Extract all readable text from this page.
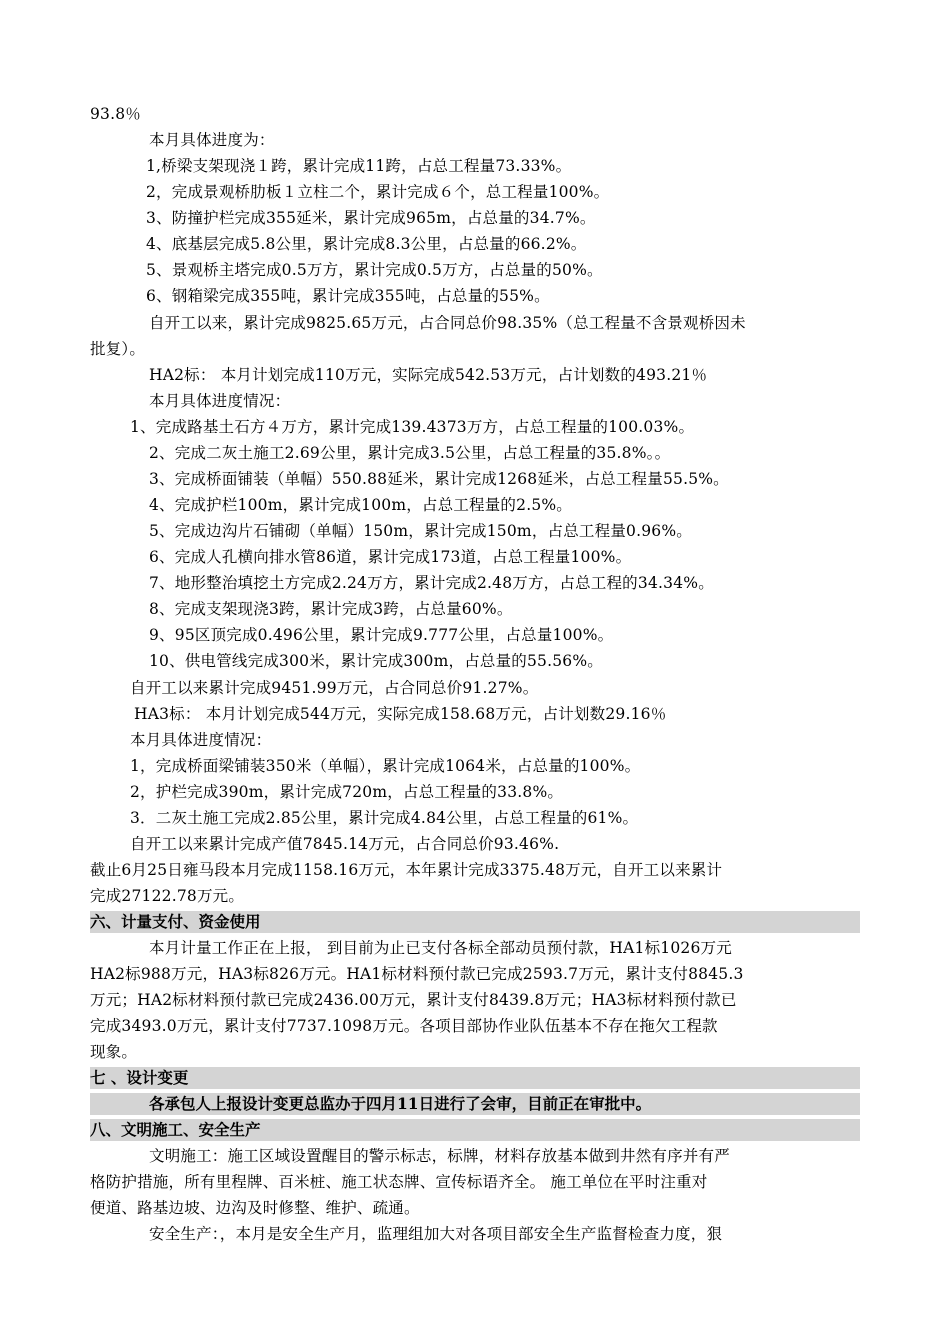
93.8％
本月具体进度为：
1,桥梁支架现浇１跨，累计完成11跨，占总工程量73.33%。
2，完成景观桥肋板１立柱二个，累计完成６个，总工程量100%。
3、防撞护栏完成355延米，累计完成965m，占总量的34.7%。
4、底基层完成5.8公里，累计完成8.3公里，占总量的66.2%。
5、景观桥主塔完成0.5万方，累计完成0.5万方，占总量的50%。
6、钢箱梁完成355吨，累计完成355吨，占总量的55%。
自开工以来，累计完成9825.65万元，占合同总价98.35%（总工程量不含景观桥因未
批复）。
HA2标： 本月计划完成110万元，实际完成542.53万元，占计划数的493.21％
本月具体进度情况：
1、完成路基土石方４万方，累计完成139.4373万方，占总工程量的100.03%。
2、完成二灰土施工2.69公里，累计完成3.5公里，占总工程量的35.8%。。
3、完成桥面铺装（单幅）550.88延米，累计完成1268延米，占总工程量55.5%。
4、完成护栏100m，累计完成100m，占总工程量的2.5%。
5、完成边沟片石铺砌（单幅）150m，累计完成150m，占总工程量0.96%。
6、完成人孔横向排水管86道，累计完成173道，占总工程量100%。
7、地形整治填挖土方完成2.24万方，累计完成2.48万方，占总工程的34.34%。
8、完成支架现浇3跨，累计完成3跨，占总量60%。
9、95区顶完成0.496公里，累计完成9.777公里，占总量100%。
10、供电管线完成300米，累计完成300m，占总量的55.56%。
自开工以来累计完成9451.99万元，占合同总价91.27%。
HA3标： 本月计划完成544万元，实际完成158.68万元，占计划数29.16％
本月具体进度情况：
1，完成桥面梁铺装350米（单幅），累计完成1064米，占总量的100%。
2，护栏完成390m，累计完成720m，占总工程量的33.8%。
3．二灰土施工完成2.85公里，累计完成4.84公里，占总工程量的61%。
自开工以来累计完成产值7845.14万元，占合同总价93.46%.
截止6月25日雍马段本月完成1158.16万元，本年累计完成3375.48万元，自开工以来累计
完成27122.78万元。
六、计量支付、资金使用
本月计量工作正在上报， 到目前为止已支付各标全部动员预付款，HA1标1026万元
HA2标988万元，HA3标826万元。HA1标材料预付款已完成2593.7万元，累计支付8845.3
万元；HA2标材料预付款已完成2436.00万元，累计支付8439.8万元；HA3标材料预付款已
完成3493.0万元，累计支付7737.1098万元。各项目部协作业队伍基本不存在拖欠工程款
现象。
七 、设计变更
各承包人上报设计变更总监办于四月11日进行了会审，目前正在审批中。
八、文明施工、安全生产
文明施工：施工区域设置醒目的警示标志，标牌，材料存放基本做到井然有序并有严
格防护措施，所有里程牌、百米桩、施工状态牌、宣传标语齐全。 施工单位在平时注重对
便道、路基边坡、边沟及时修整、维护、疏通。
安全生产：，本月是安全生产月，监理组加大对各项目部安全生产监督检查力度，狠
